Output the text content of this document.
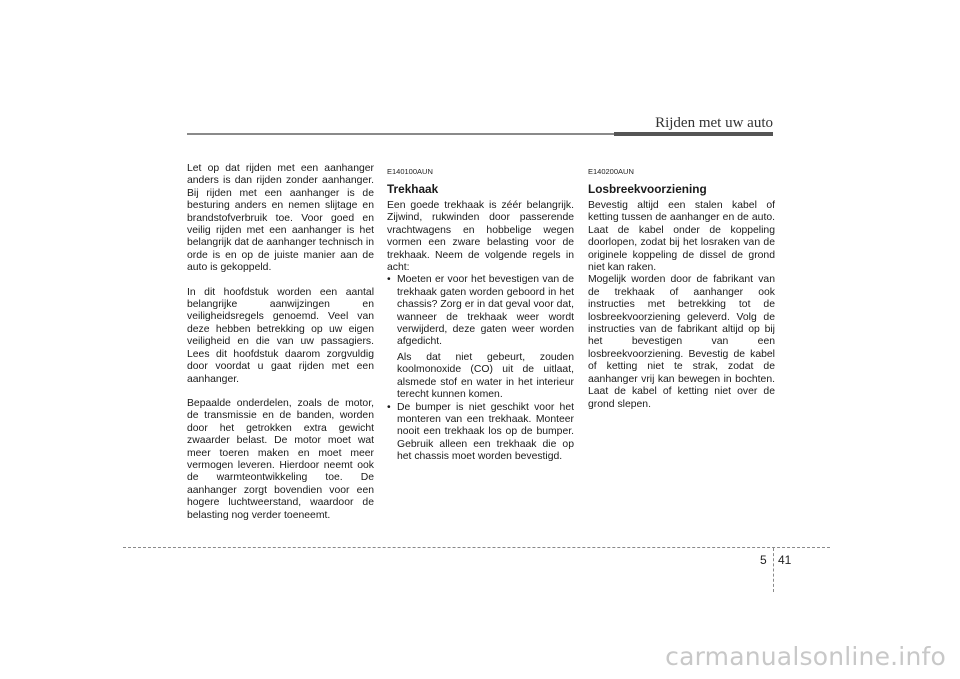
Rijden met uw auto

Let op dat rijden met een aanhanger anders is dan rijden zonder aanhanger. Bij rijden met een aanhanger is de besturing anders en nemen slijtage en brandstofverbruik toe. Voor goed en veilig rijden met een aanhanger is het belangrijk dat de aanhanger technisch in orde is en op de juiste manier aan de auto is gekoppeld.

In dit hoofdstuk worden een aantal belangrijke aanwijzingen en veiligheidsregels genoemd. Veel van deze hebben betrekking op uw eigen veiligheid en die van uw passagiers. Lees dit hoofdstuk daarom zorgvuldig door voordat u gaat rijden met een aanhanger.

Bepaalde onderdelen, zoals de motor, de transmissie en de banden, worden door het getrokken extra gewicht zwaarder belast. De motor moet wat meer toeren maken en moet meer vermogen leveren. Hierdoor neemt ook de warmteontwikkeling toe. De aanhanger zorgt bovendien voor een hogere luchtweerstand, waardoor de belasting nog verder toeneemt.

E140100AUN
Trekhaak

Een goede trekhaak is zéér belangrijk. Zijwind, rukwinden door passerende vrachtwagens en hobbelige wegen vormen een zware belasting voor de trekhaak. Neem de volgende regels in acht:

• Moeten er voor het bevestigen van de trekhaak gaten worden geboord in het chassis? Zorg er in dat geval voor dat, wanneer de trekhaak weer wordt verwijderd, deze gaten weer worden afgedicht.

Als dat niet gebeurt, zouden koolmonoxide (CO) uit de uitlaat, alsmede stof en water in het interieur terecht kunnen komen.

• De bumper is niet geschikt voor het monteren van een trekhaak. Monteer nooit een trekhaak los op de bumper. Gebruik alleen een trekhaak die op het chassis moet worden bevestigd.

E140200AUN
Losbreekvoorziening

Bevestig altijd een stalen kabel of ketting tussen de aanhanger en de auto. Laat de kabel onder de koppeling doorlopen, zodat bij het losraken van de originele koppeling de dissel de grond niet kan raken.

Mogelijk worden door de fabrikant van de trekhaak of aanhanger ook instructies met betrekking tot de losbreekvoorziening geleverd. Volg de instructies van de fabrikant altijd op bij het bevestigen van een losbreekvoorziening. Bevestig de kabel of ketting niet te strak, zodat de aanhanger vrij kan bewegen in bochten. Laat de kabel of ketting niet over de grond slepen.

5 41
carmanualsonline.info
